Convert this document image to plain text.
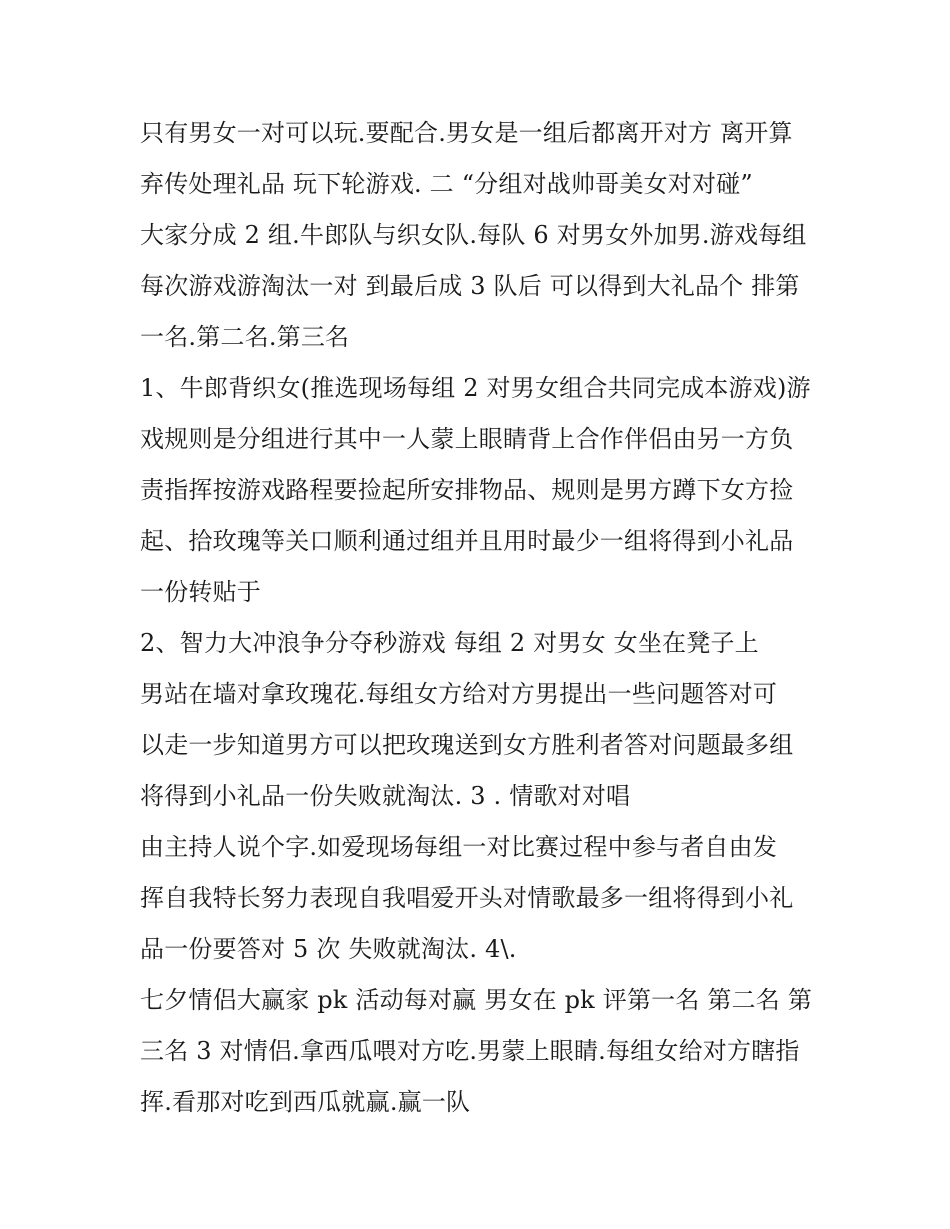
只有男女一对可以玩.要配合.男女是一组后都离开对方 离开算
弃传处理礼品 玩下轮游戏. 二 “分组对战帅哥美女对对碰”
大家分成 2 组.牛郎队与织女队.每队 6 对男女外加男.游戏每组
每次游戏游淘汰一对 到最后成 3 队后 可以得到大礼品个 排第
一名.第二名.第三名
1、牛郎背织女(推选现场每组 2 对男女组合共同完成本游戏)游
戏规则是分组进行其中一人蒙上眼睛背上合作伴侣由另一方负
责指挥按游戏路程要捡起所安排物品、规则是男方蹲下女方捡
起、拾玫瑰等关口顺利通过组并且用时最少一组将得到小礼品
一份转贴于
2、智力大冲浪争分夺秒游戏 每组 2 对男女 女坐在凳子上
男站在墙对拿玫瑰花.每组女方给对方男提出一些问题答对可
以走一步知道男方可以把玫瑰送到女方胜利者答对问题最多组
将得到小礼品一份失败就淘汰. 3 . 情歌对对唱
由主持人说个字.如爱现场每组一对比赛过程中参与者自由发
挥自我特长努力表现自我唱爱开头对情歌最多一组将得到小礼
品一份要答对 5 次 失败就淘汰. 4\.
七夕情侣大赢家 pk 活动每对赢 男女在 pk 评第一名 第二名 第
三名 3 对情侣.拿西瓜喂对方吃.男蒙上眼睛.每组女给对方瞎指
挥.看那对吃到西瓜就赢.赢一队
